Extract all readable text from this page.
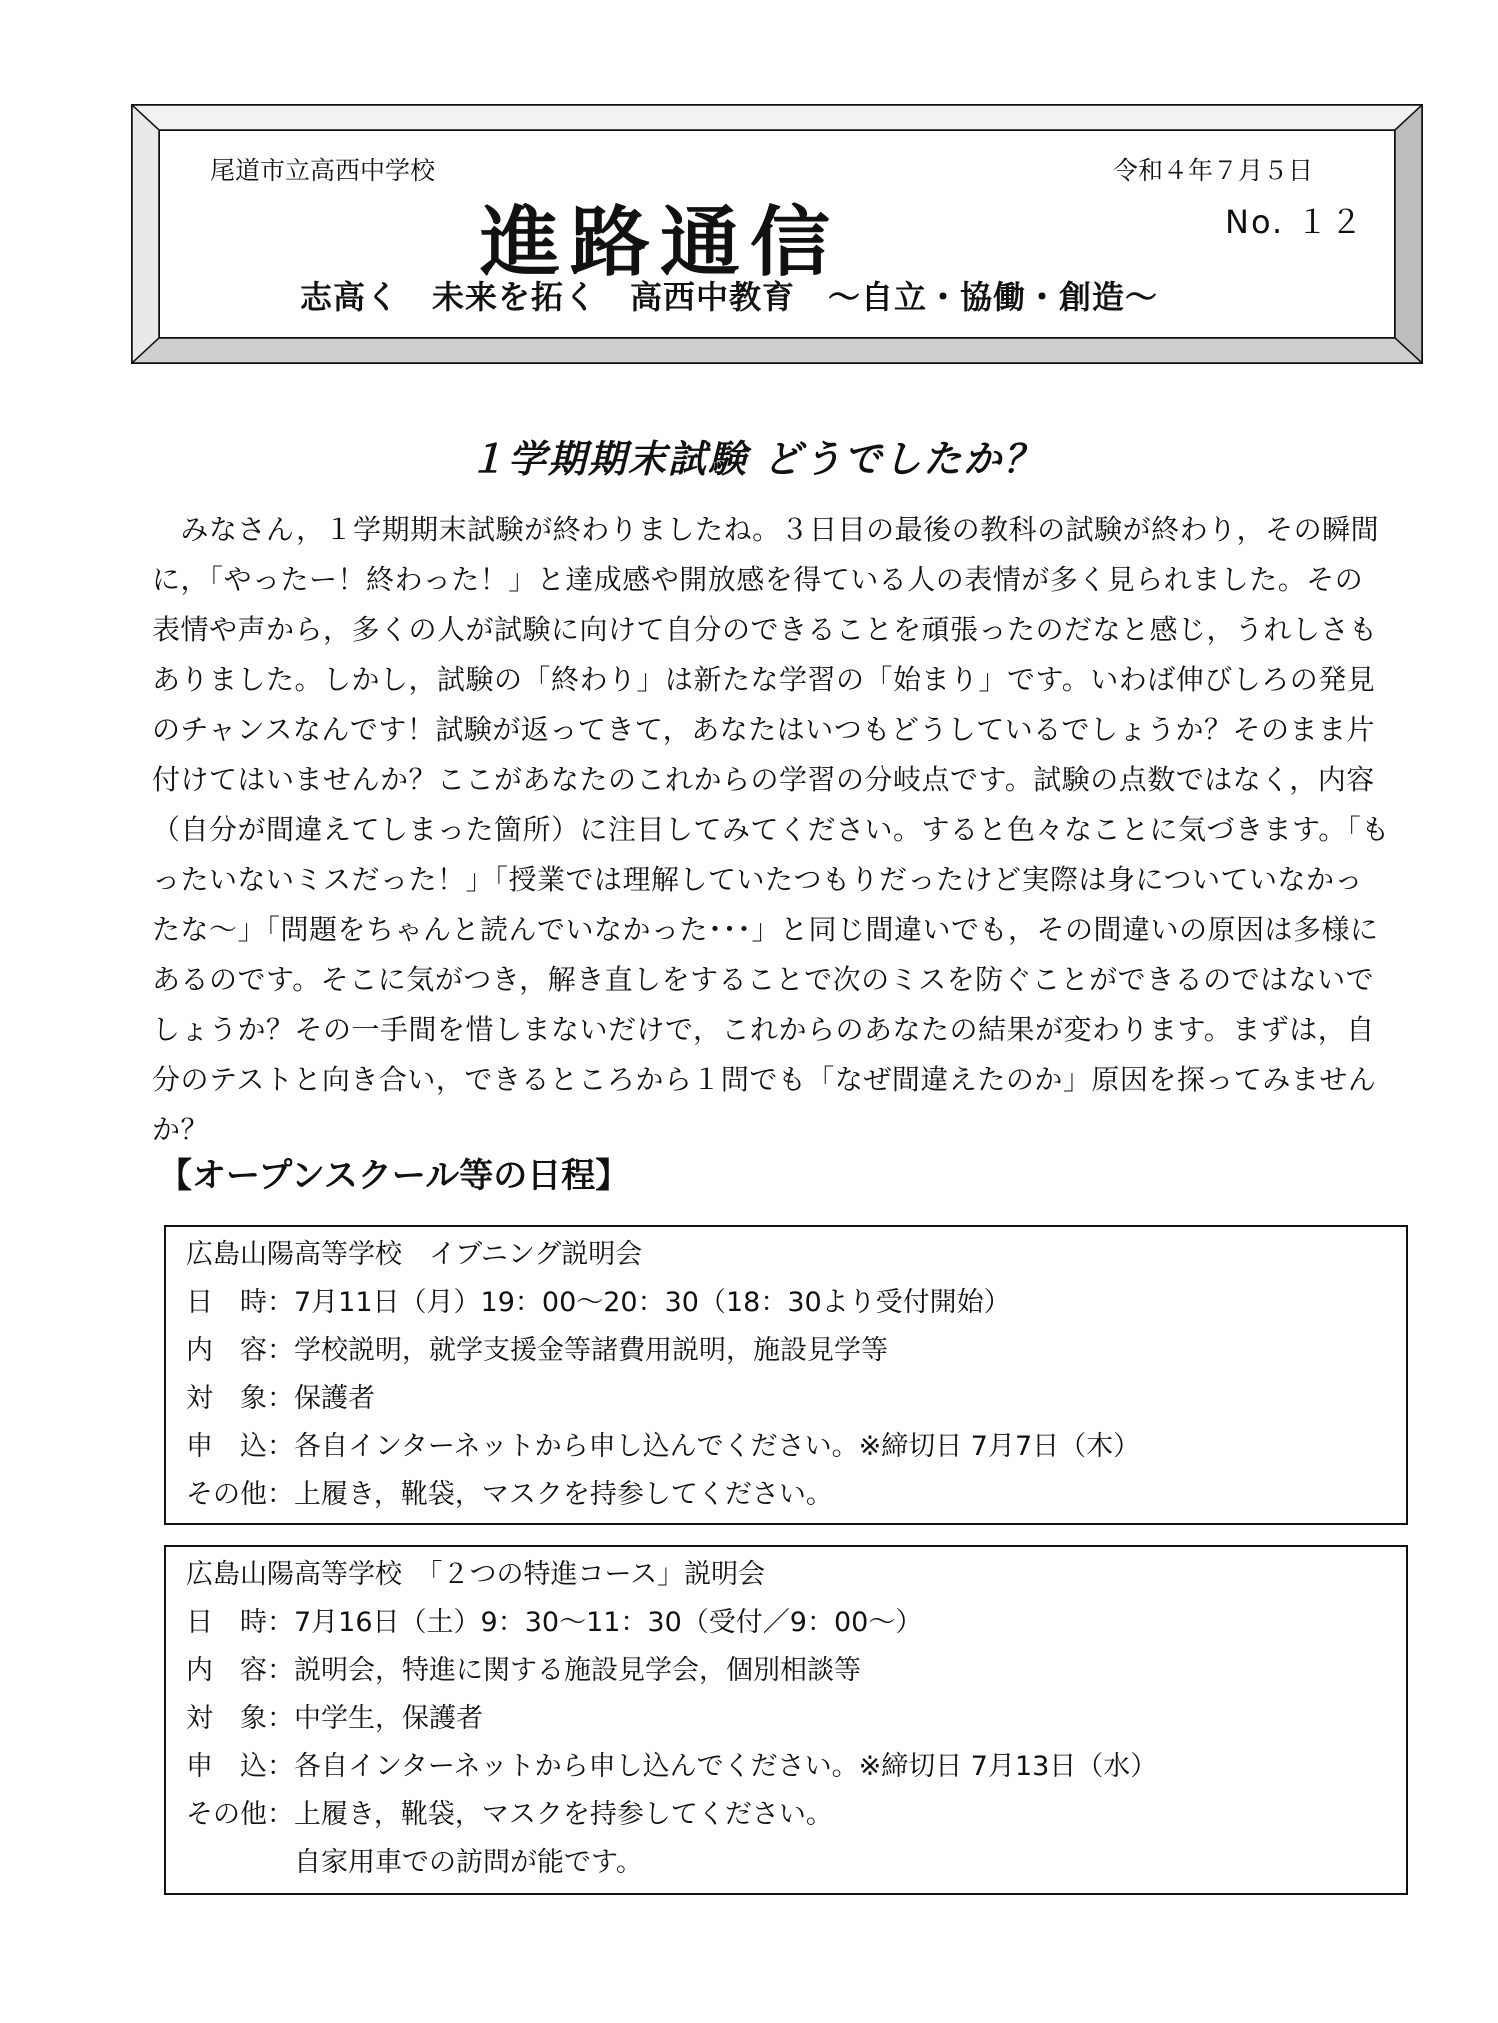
尾道市立高西中学校	令和４年７月５日
進路通信	No. １２
志高く　未来を拓く　高西中教育　～自立・協働・創造～
１学期期末試験 どうでしたか？
　みなさん，１学期期末試験が終わりましたね。３日目の最後の教科の試験が終わり，その瞬間
に，「やったー！終わった！」と達成感や開放感を得ている人の表情が多く見られました。その
表情や声から，多くの人が試験に向けて自分のできることを頑張ったのだなと感じ，うれしさも
ありました。しかし，試験の「終わり」は新たな学習の「始まり」です。いわば伸びしろの発見
のチャンスなんです！試験が返ってきて，あなたはいつもどうしているでしょうか？そのまま片
付けてはいませんか？ここがあなたのこれからの学習の分岐点です。試験の点数ではなく，内容
（自分が間違えてしまった箇所）に注目してみてください。すると色々なことに気づきます。「も
ったいないミスだった！」「授業では理解していたつもりだったけど実際は身についていなかっ
たな～」「問題をちゃんと読んでいなかった･･･」と同じ間違いでも，その間違いの原因は多様に
あるのです。そこに気がつき，解き直しをすることで次のミスを防ぐことができるのではないで
しょうか？その一手間を惜しまないだけで，これからのあなたの結果が変わります。まずは，自
分のテストと向き合い，できるところから１問でも「なぜ間違えたのか」原因を探ってみません
か？
【オープンスクール等の日程】
広島山陽高等学校　イブニング説明会
日　時：7月11日（月）19：00～20：30（18：30より受付開始）
内　容：学校説明，就学支援金等諸費用説明，施設見学等
対　象：保護者
申　込：各自インターネットから申し込んでください。※締切日 7月7日（木）
その他：上履き，靴袋，マスクを持参してください。
広島山陽高等学校　「２つの特進コース」説明会
日　時：7月16日（土）9：30～11：30（受付／9：00～）
内　容：説明会，特進に関する施設見学会，個別相談等
対　象：中学生，保護者
申　込：各自インターネットから申し込んでください。※締切日 7月13日（水）
その他：上履き，靴袋，マスクを持参してください。
自家用車での訪問が能です。
